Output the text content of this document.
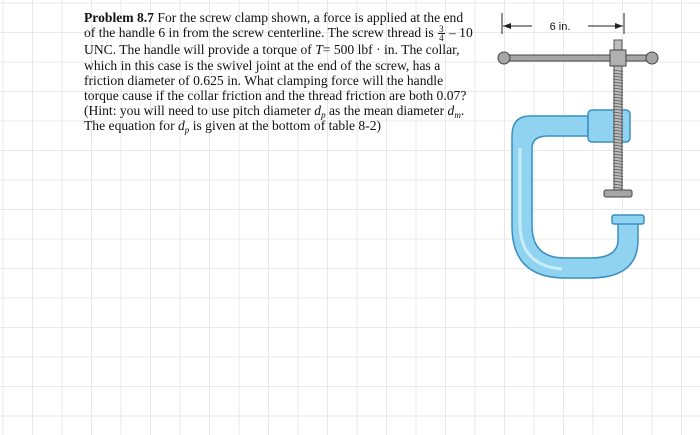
Problem 8.7 For the screw clamp shown, a force is applied at the end
of the handle 6 in from the screw centerline. The screw thread is $\frac{3}{4} - 10$
UNC. The handle will provide a torque of T= 500 lbf · in. The collar,
which in this case is the swivel joint at the end of the screw, has a
friction diameter of 0.625 in. What clamping force will the handle
torque cause if the collar friction and the thread friction are both 0.07?
(Hint: you will need to use pitch diameter $d_p$ as the mean diameter $d_m$.
The equation for $d_p$ is given at the bottom of table 8-2)
6 in.
